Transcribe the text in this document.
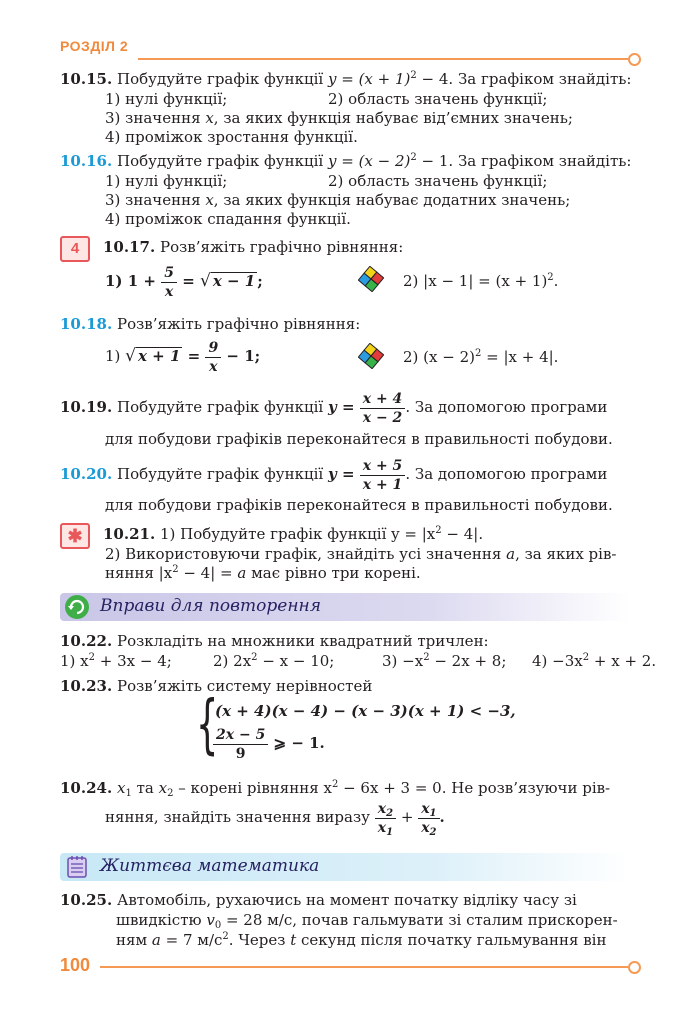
РОЗДІЛ 2
10.15. Побудуйте графік функції $y = (x + 1)^2 - 4$. За графіком знайдіть:
1) нулі функції;	2) область значень функції;
3) значення x, за яких функція набуває від’ємних значень;
4) проміжок зростання функції.
10.16. Побудуйте графік функції $y = (x - 2)^2 - 1$. За графіком знайдіть:
1) нулі функції;	2) область значень функції;
3) значення x, за яких функція набуває додатних значень;
4) проміжок спадання функції.
4	10.17. Розв’яжіть графічно рівняння:
1) $1 + \frac{5}{x}$ = √ x − 1 ;	2) $|x - 1| = (x + 1)^2$.
10.18. Розв’яжіть графічно рівняння:
1) √ $x + 1 = \frac{9}{x} - 1$;	2) $(x - 2)^2 = |x + 4|$.
10.19. Побудуйте графік функції $y = \frac{x + 4}{x - 2}$ . За допомогою програми
для побудови графіків переконайтеся в правильності побудови.
10.20. Побудуйте графік функції $y = \frac{x + 5}{x + 1}$ . За допомогою програми
для побудови графіків переконайтеся в правильності побудови.
✱	10.21. 1) Побудуйте графік функції $y = |x^2 - 4|$.
2) Використовуючи графік, знайдіть усі значення a, за яких рів-
няння $|x^2 - 4| = a$ має рівно три корені.
Вправи для повторення
10.22. Розкладіть на множники квадратний тричлен:
1) $x^2 + 3x - 4$;	2) $2x^2 - x - 10$;	$3) -x^2 - 2x + 8$; $4) -3x^2 + x + 2$.
10.23. Розв’яжіть систему нерівностей
{
(x + 4)(x − 4) − (x − 3)(x + 1) < −3,
$\frac{2x - 5}{9}$ ⩾ − 1.
10.24. $x_1$ та $x_2$ – корені рівняння $x^2 - 6x + 3 = 0$. Не розв’язуючи рів-
няння, знайдіть значення виразу $\frac{x_2}{x_1} + \frac{x_1}{x_2}$ .
Життєва математика
10.25. Автомобіль, рухаючись на момент початку відліку часу зі
швидкістю $v_0 = 28$ м/с, почав гальмувати зі сталим прискорен-
ням a = 7 $м/с^2$. Через t секунд після початку гальмування він
100
